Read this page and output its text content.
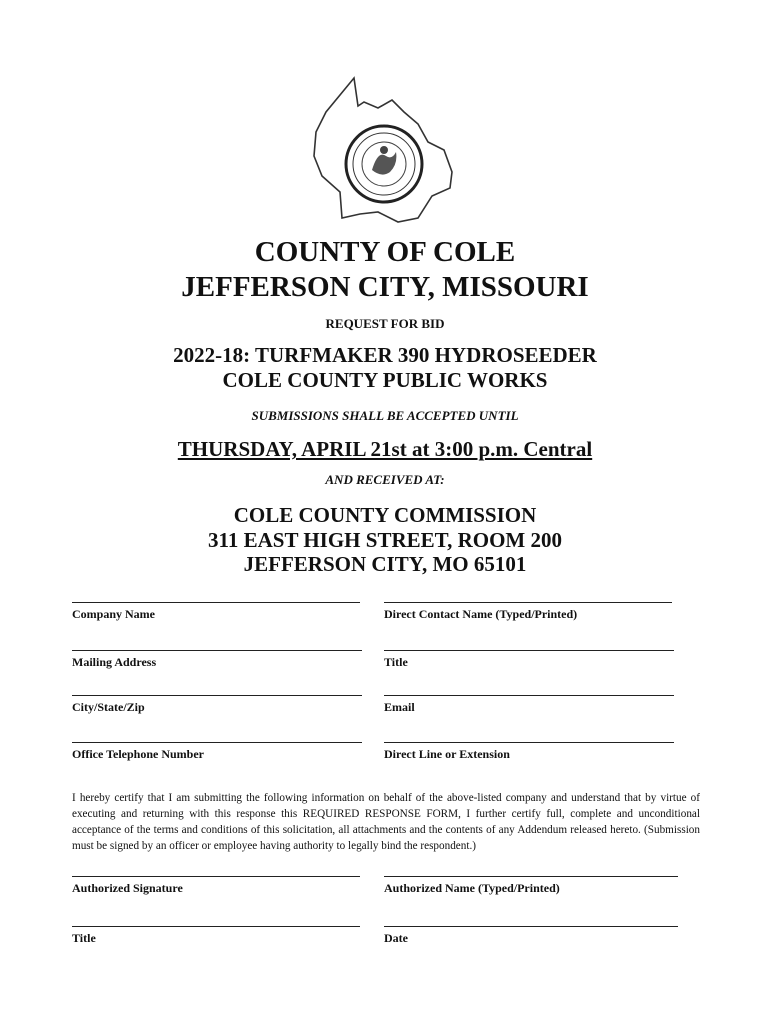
COUNTY OF COLE
JEFFERSON CITY, MISSOURI
REQUEST FOR BID
2022-18: TURFMAKER 390 HYDROSEEDER
COLE COUNTY PUBLIC WORKS
SUBMISSIONS SHALL BE ACCEPTED UNTIL
THURSDAY, APRIL 21st at 3:00 p.m. Central
AND RECEIVED AT:
COLE COUNTY COMMISSION
311 EAST HIGH STREET, ROOM 200
JEFFERSON CITY, MO 65101
Company Name	Direct Contact Name (Typed/Printed)
Mailing Address	Title
City/State/Zip	Email
Office Telephone Number	Direct Line or Extension
I hereby certify that I am submitting the following information on behalf of the above-listed company and understand that by virtue of executing and returning with this response this REQUIRED RESPONSE FORM, I further certify full, complete and unconditional acceptance of the terms and conditions of this solicitation, all attachments and the contents of any Addendum released hereto. (Submission must be signed by an officer or employee having authority to legally bind the respondent.)
Authorized Signature	Authorized Name (Typed/Printed)
Title	Date
